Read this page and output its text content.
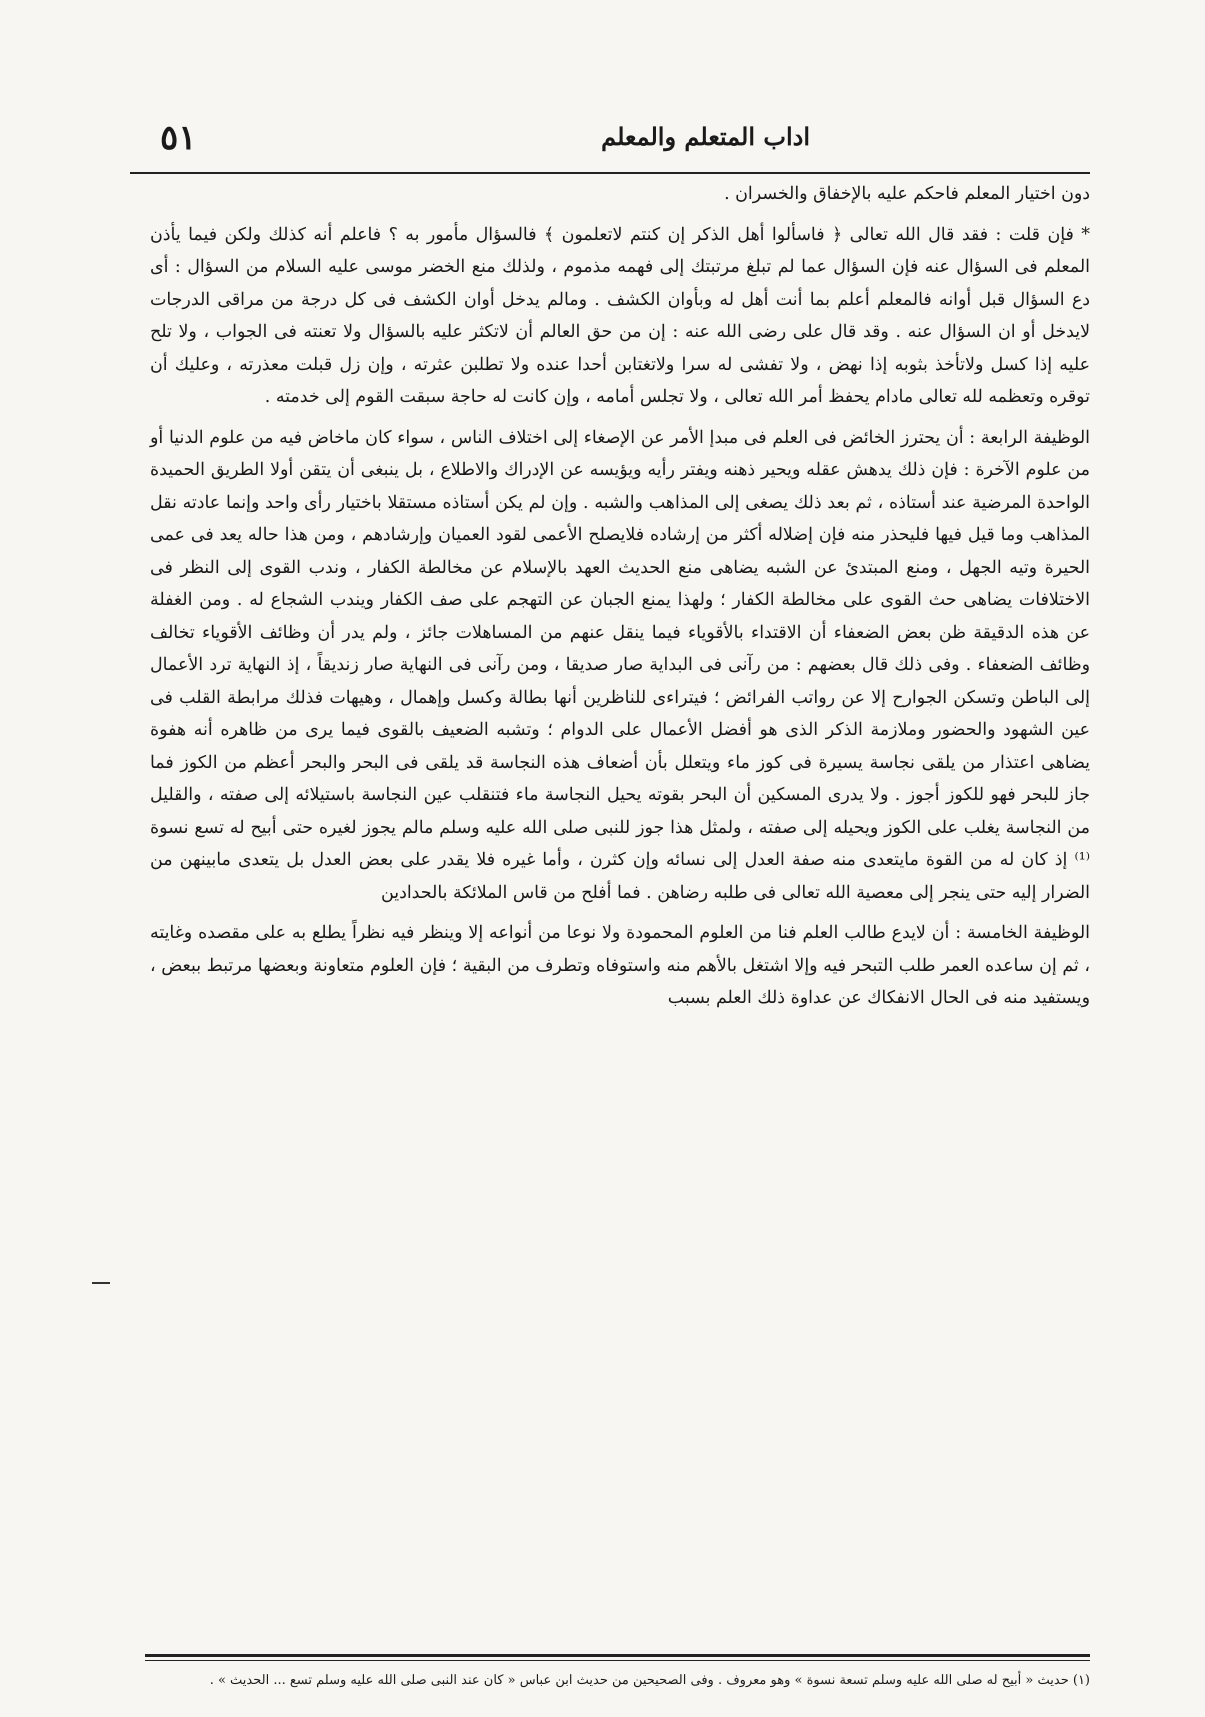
٥١	اداب المتعلم والمعلم

دون اختيار المعلم فاحكم عليه بالإخفاق والخسران .

* فإن قلت : فقد قال الله تعالى ﴿ فاسألوا أهل الذكر إن كنتم لاتعلمون ﴾ فالسؤال مأمور به ؟ فاعلم أنه كذلك ولكن فيما يأذن المعلم فى السؤال عنه فإن السؤال عما لم تبلغ مرتبتك إلى فهمه مذموم ، ولذلك منع الخضر موسى عليه السلام من السؤال : أى دع السؤال قبل أوانه فالمعلم أعلم بما أنت أهل له وبأوان الكشف . ومالم يدخل أوان الكشف فى كل درجة من مراقى الدرجات لايدخل أو ان السؤال عنه . وقد قال على رضى الله عنه : إن من حق العالم أن لاتكثر عليه بالسؤال ولا تعنته فى الجواب ، ولا تلح عليه إذا كسل ولاتأخذ بثوبه إذا نهض ، ولا تفشى له سرا ولاتغتابن أحدا عنده ولا تطلبن عثرته ، وإن زل قبلت معذرته ، وعليك أن توقره وتعظمه لله تعالى مادام يحفظ أمر الله تعالى ، ولا تجلس أمامه ، وإن كانت له حاجة سبقت القوم إلى خدمته .

الوظيفة الرابعة : أن يحترز الخائض فى العلم فى مبدإ الأمر عن الإصغاء إلى اختلاف الناس ، سواء كان ماخاض فيه من علوم الدنيا أو من علوم الآخرة : فإن ذلك يدهش عقله ويحير ذهنه ويفتر رأيه ويؤيسه عن الإدراك والاطلاع ، بل ينبغى أن يتقن أولا الطريق الحميدة الواحدة المرضية عند أستاذه ، ثم بعد ذلك يصغى إلى المذاهب والشبه . وإن لم يكن أستاذه مستقلا باختيار رأى واحد وإنما عادته نقل المذاهب وما قيل فيها فليحذر منه فإن إضلاله أكثر من إرشاده فلايصلح الأعمى لقود العميان وإرشادهم ، ومن هذا حاله يعد فى عمى الحيرة وتيه الجهل ، ومنع المبتدئ عن الشبه يضاهى منع الحديث العهد بالإسلام عن مخالطة الكفار ، وندب القوى إلى النظر فى الاختلافات يضاهى حث القوى على مخالطة الكفار ؛ ولهذا يمنع الجبان عن التهجم على صف الكفار ويندب الشجاع له . ومن الغفلة عن هذه الدقيقة ظن بعض الضعفاء أن الاقتداء بالأقوياء فيما ينقل عنهم من المساهلات جائز ، ولم يدر أن وظائف الأقوياء تخالف وظائف الضعفاء . وفى ذلك قال بعضهم : من رآنى فى البداية صار صديقا ، ومن رآنى فى النهاية صار زنديقاً ، إذ النهاية ترد الأعمال إلى الباطن وتسكن الجوارح إلا عن رواتب الفرائض ؛ فيتراءى للناظرين أنها بطالة وكسل وإهمال ، وهيهات فذلك مرابطة القلب فى عين الشهود والحضور وملازمة الذكر الذى هو أفضل الأعمال على الدوام ؛ وتشبه الضعيف بالقوى فيما يرى من ظاهره أنه هفوة يضاهى اعتذار من يلقى نجاسة يسيرة فى كوز ماء ويتعلل بأن أضعاف هذه النجاسة قد يلقى فى البحر والبحر أعظم من الكوز فما جاز للبحر فهو للكوز أجوز . ولا يدرى المسكين أن البحر بقوته يحيل النجاسة ماء فتنقلب عين النجاسة باستيلائه إلى صفته ، والقليل من النجاسة يغلب على الكوز ويحيله إلى صفته ، ولمثل هذا جوز للنبى صلى الله عليه وسلم مالم يجوز لغيره حتى أبيح له تسع نسوة ⁽¹⁾ إذ كان له من القوة مايتعدى منه صفة العدل إلى نسائه وإن كثرن ، وأما غيره فلا يقدر على بعض العدل بل يتعدى مابينهن من الضرار إليه حتى ينجر إلى معصية الله تعالى فى طلبه رضاهن . فما أفلح من قاس الملائكة بالحدادين

الوظيفة الخامسة : أن لايدع طالب العلم فنا من العلوم المحمودة ولا نوعا من أنواعه إلا وينظر فيه نظراً يطلع به على مقصده وغايته ، ثم إن ساعده العمر طلب التبحر فيه وإلا اشتغل بالأهم منه واستوفاه وتطرف من البقية ؛ فإن العلوم متعاونة وبعضها مرتبط ببعض ، ويستفيد منه فى الحال الانفكاك عن عداوة ذلك العلم بسبب

(١) حديث « أبيح له صلى الله عليه وسلم تسعة نسوة » وهو معروف . وفى الصحيحين من حديث ابن عباس « كان عند النبى صلى الله عليه وسلم تسع ... الحديث » .
